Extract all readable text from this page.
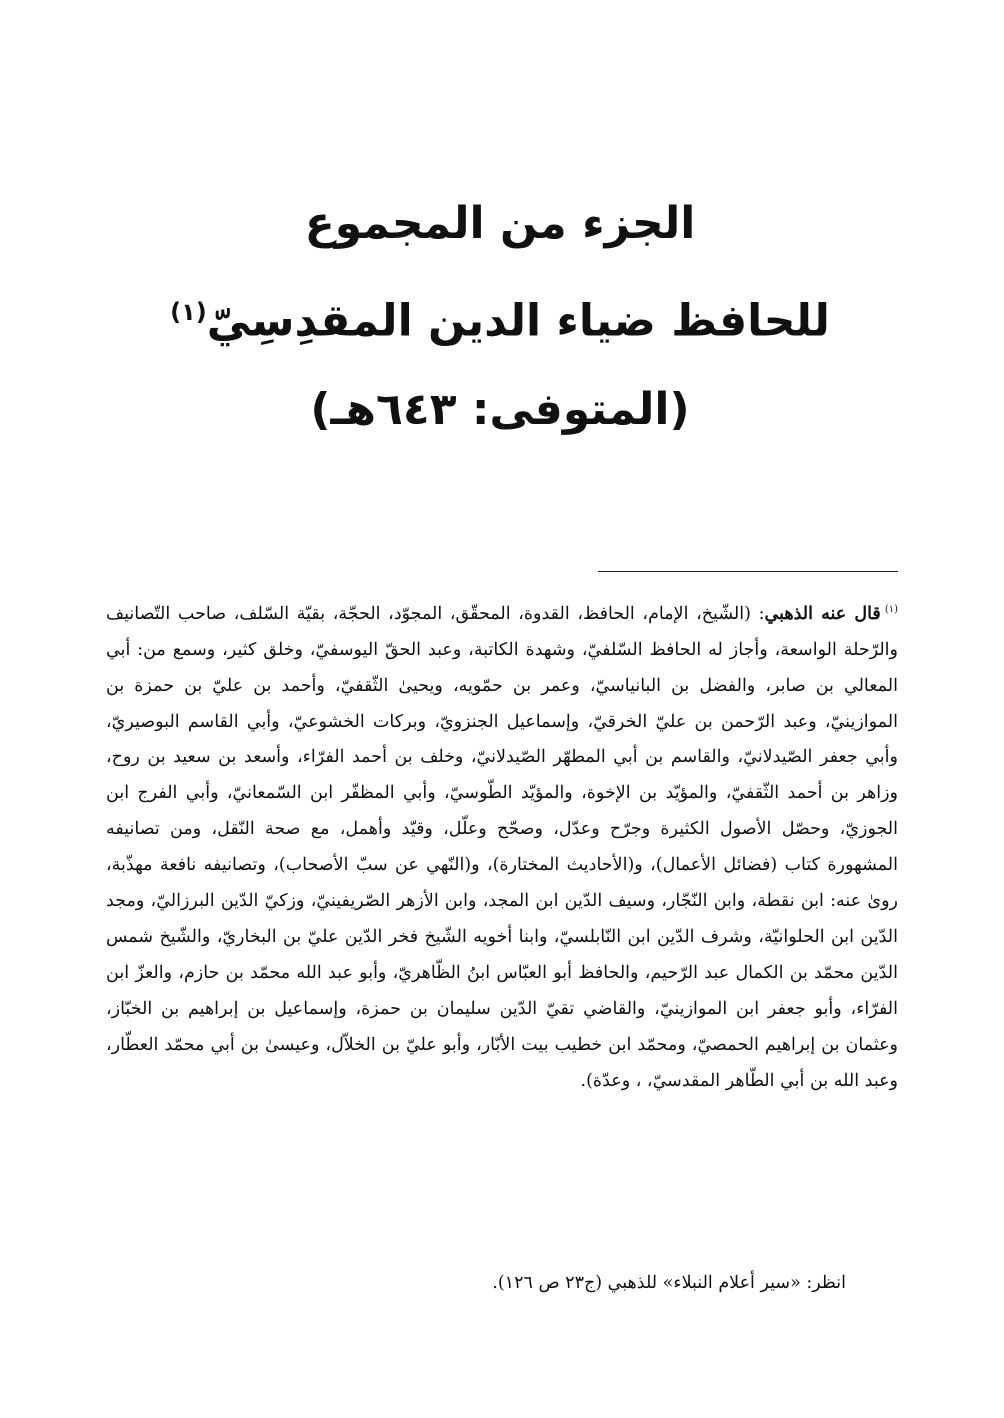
الجزء من المجموع
للحافظ ضياء الدين المقدِسِيّ$^{(١)}$
(المتوفى: ٦٤٣هـ)
$^{(١)}$قال عنه الذهبي: (الشّيخ، الإمام، الحافظ، القدوة، المحقّق، المجوّد، الحجّة، بقيّة السّلف، صاحب التّصانيف والرّحلة الواسعة، وأجاز له الحافظ السّلفيّ، وشهدة الكاتبة، وعبد الحقّ اليوسفيّ، وخلق كثير، وسمع من: أبي المعالي بن صابر، والفضل بن البانياسيّ، وعمر بن حمّويه، ويحيىٰ الثّقفيّ، وأحمد بن عليّ بن حمزة بن الموازينيّ، وعبد الرّحمن بن عليّ الخرقيّ، وإسماعيل الجنزويّ، وبركات الخشوعيّ، وأبي القاسم البوصيريّ، وأبي جعفر الصّيدلانيّ، والقاسم بن أبي المطهّر الصّيدلانيّ، وخلف بن أحمد الفرّاء، وأسعد بن سعيد بن روح، وزاهر بن أحمد الثّقفيّ، والمؤيّد بن الإخوة، والمؤيّد الطّوسيّ، وأبي المظفّر ابن السّمعانيّ، وأبي الفرج ابن الجوزيّ، وحصّل الأصول الكثيرة وجرّح وعدّل، وصحّح وعلّل، وقيّد وأهمل، مع صحة النّقل، ومن تصانيفه المشهورة كتاب (فضائل الأعمال)، و(الأحاديث المختارة)، و(النّهي عن سبّ الأصحاب)، وتصانيفه نافعة مهذّبة، روىٰ عنه: ابن نقطة، وابن النّجّار، وسيف الدّين ابن المجد، وابن الأزهر الصّريفينيّ، وزكيّ الدّين البرزاليّ، ومجد الدّين ابن الحلوانيّة، وشرف الدّين ابن النّابلسيّ، وابنا أخويه الشّيخ فخر الدّين عليّ بن البخاريّ، والشّيخ شمس الدّين محمّد بن الكمال عبد الرّحيم، والحافظ أبو العبّاس ابنُ الظّاهريّ، وأبو عبد الله محمّد بن حازم، والعزّ ابن الفرّاء، وأبو جعفر ابن الموازينيّ، والقاضي تقيّ الدّين سليمان بن حمزة، وإسماعيل بن إبراهيم بن الخبّاز، وعثمان بن إبراهيم الحمصيّ، ومحمّد ابن خطيب بيت الأبّار، وأبو عليّ بن الخلاّل، وعيسىٰ بن أبي محمّد العطّار، وعبد الله بن أبي الطّاهر المقدسيّ، ، وعدّة).
انظر: «سير أعلام النبلاء» للذهبي (ج٢٣ ص ١٢٦).
